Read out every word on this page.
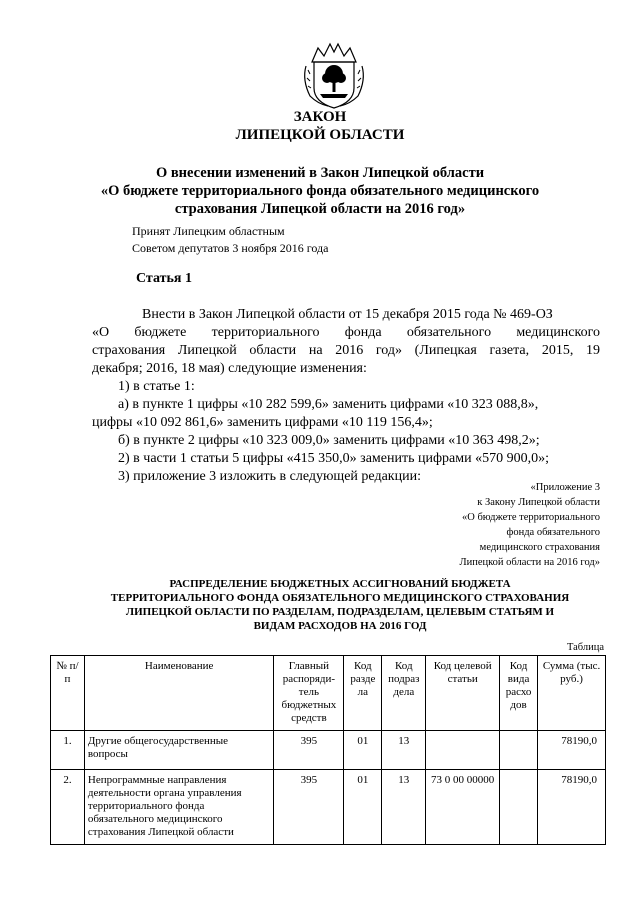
ЗАКОН
ЛИПЕЦКОЙ ОБЛАСТИ
О внесении изменений в Закон Липецкой области
«О бюджете территориального фонда обязательного медицинского
страхования Липецкой области на 2016 год»
Принят Липецким областным
Советом депутатов 3 ноября 2016 года
Статья 1
Внести в Закон Липецкой области от 15 декабря 2015 года № 469-ОЗ
«О бюджете территориального фонда обязательного медицинского
страхования Липецкой области на 2016 год» (Липецкая газета, 2015, 19
декабря; 2016, 18 мая) следующие изменения:
1) в статье 1:
а) в пункте 1 цифры «10 282 599,6» заменить цифрами «10 323 088,8»,
цифры «10 092 861,6» заменить цифрами «10 119 156,4»;
б) в пункте 2 цифры «10 323 009,0» заменить цифрами «10 363 498,2»;
2) в части 1 статьи 5 цифры «415 350,0» заменить цифрами «570 900,0»;
3) приложение 3 изложить в следующей редакции:
«Приложение 3
к Закону Липецкой области
«О бюджете территориального
фонда обязательного
медицинского страхования
Липецкой области на 2016 год»
РАСПРЕДЕЛЕНИЕ БЮДЖЕТНЫХ АССИГНОВАНИЙ БЮДЖЕТА
ТЕРРИТОРИАЛЬНОГО ФОНДА ОБЯЗАТЕЛЬНОГО МЕДИЦИНСКОГО СТРАХОВАНИЯ
ЛИПЕЦКОЙ ОБЛАСТИ ПО РАЗДЕЛАМ, ПОДРАЗДЕЛАМ, ЦЕЛЕВЫМ СТАТЬЯМ И
ВИДАМ РАСХОДОВ НА 2016 ГОД
Таблица
№ п/п	Наименование	Главный распоряди-тель бюджетных средств	Код разде ла	Код подраз дела	Код целевой статьи	Код вида расхо дов	Сумма (тыс. руб.)
1.	Другие общегосударственные вопросы	395	01	13			78190,0
2.	Непрограммные направления деятельности органа управления территориального фонда обязательного медицинского страхования Липецкой области	395	01	13	73 0 00 00000		78190,0
